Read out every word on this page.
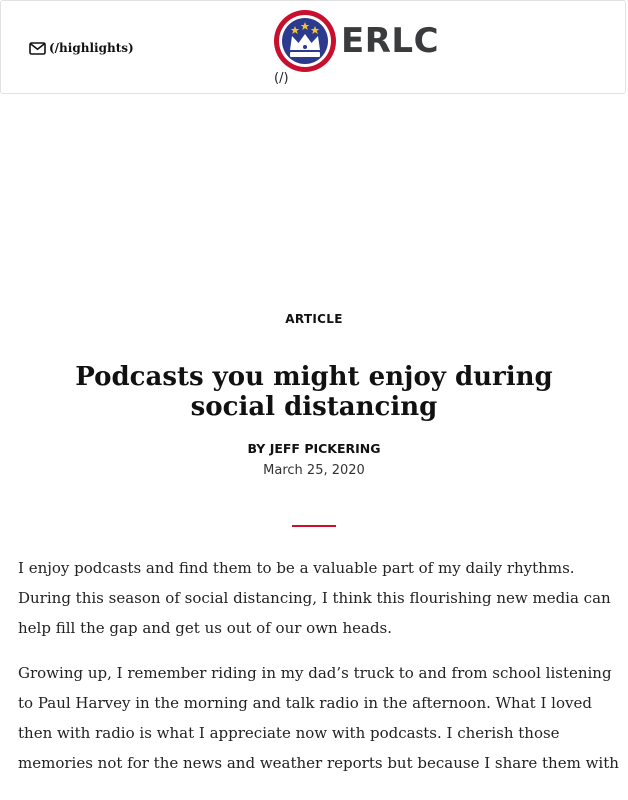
(/highlights)	ERLC
(/)
ARTICLE
Podcasts you might enjoy during social distancing
BY JEFF PICKERING
March 25, 2020

I enjoy podcasts and find them to be a valuable part of my daily rhythms.
During this season of social distancing, I think this flourishing new media can
help fill the gap and get us out of our own heads.

Growing up, I remember riding in my dad’s truck to and from school listening
to Paul Harvey in the morning and talk radio in the afternoon. What I loved
then with radio is what I appreciate now with podcasts. I cherish those
memories not for the news and weather reports but because I share them with
